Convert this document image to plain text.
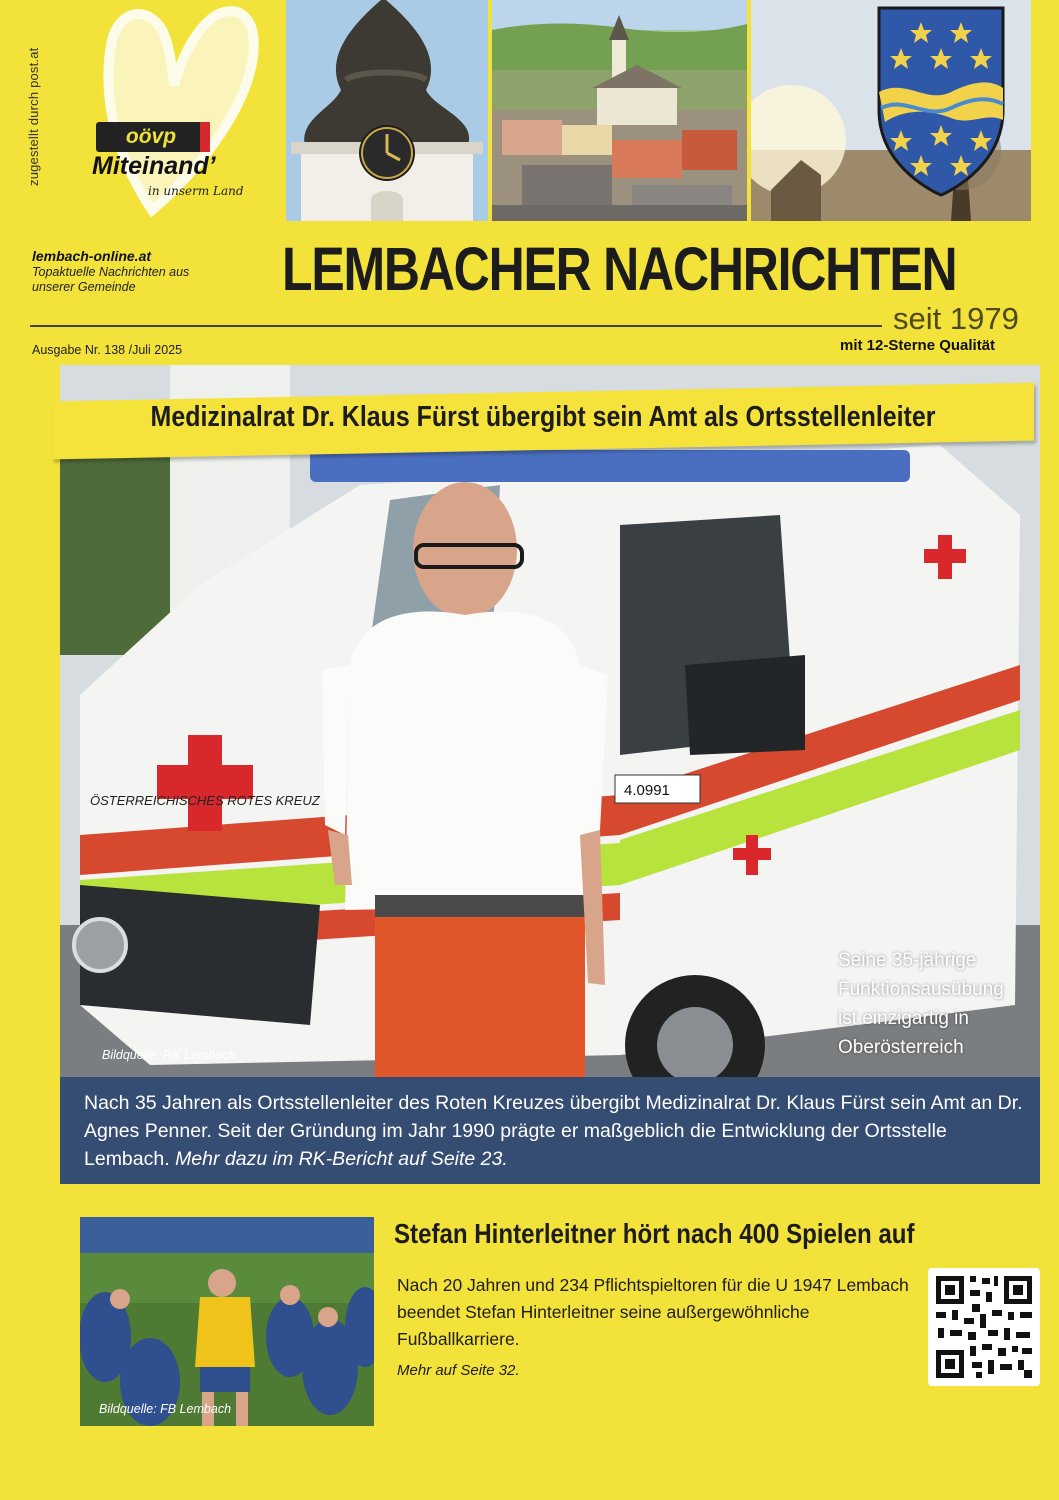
zugestellt durch post.at	oövp
Miteinand’
in unserm Land
lembach-online.at
Topaktuelle Nachrichten aus unserer Gemeinde	LEMBACHER NACHRICHTEN
seit 1979
mit 12-Sterne Qualität
Ausgabe Nr. 138 /Juli 2025
ÖSTERREICHISCHES ROTES KREUZ
4.0991
Medizinalrat Dr. Klaus Fürst übergibt sein Amt als Ortsstellenleiter
Bildquelle: RK Lembach
Seine 35-jährige Funktionsausübung ist einzigartig in Oberösterreich
Nach 35 Jahren als Ortsstellenleiter des Roten Kreuzes übergibt Medizinalrat Dr. Klaus Fürst sein Amt an Dr. Agnes Penner. Seit der Gründung im Jahr 1990 prägte er maßgeblich die Entwicklung der Ortsstelle Lembach. Mehr dazu im RK-Bericht auf Seite 23.
Bildquelle: FB Lembach
Stefan Hinterleitner hört nach 400 Spielen auf
Nach 20 Jahren und 234 Pflichtspieltoren für die U 1947 Lembach beendet Stefan Hinterleitner seine außergewöhnliche Fußballkarriere.
Mehr auf Seite 32.
